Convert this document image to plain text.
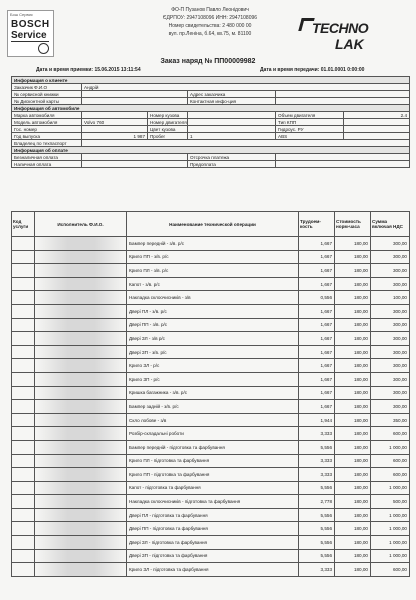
Бош Сервис
BOSCH
Service
ФО-П Пузанов Павло Леонідович
ЄДРПОУ: 2947108096 ИНН: 2947108096
Номер свидетельства: 2 480 000 00
вул. пр.Леніна, б.64, кв.75, м. 81100	TECHNO
LAK
Заказ наряд № ПП00009982
Дата и время приемки: 15.06.2015 13:11:54	Дата и время передачи: 01.01.0001 0:00:00
Информация о клиенте					
Заказчик Ф.И.О	Андрій				
№ сервисной книжки			Адрес заказчика		
№ Дисконтной карты			Контактная инфо-ция		
Информация об автомобиле					
Марка автомобиля		Номер кузова		Объем двигателя	2.4
Модель автомобиля	Volvo 760	Номер двигателя		Тип КПП	
Гос. номер		Цвет кузова		Гидроус. РУ	
Год выпуска	1 987	Пробег	1	ABS	
Владелец по техпаспорт					
Информация об оплате					
Безналичная оплата			Отсрочка платежа		
Наличная оплата			Предоплата		
Код услуги	Исполнитель Ф.И.О.	Наименование технической операции	Трудоем-кость	Стоимость норм-часа	Сумма включая НДС
		Бампер передній - з/в. р/с	1,667	180,00	300,00
		Крило ПП - з/в. р/с	1,667	180,00	300,00
		Крило ПЛ - з/в. р/с	1,667	180,00	300,00
		Капот - з/в. р/с	1,667	180,00	300,00
		Накладка склоочисників - з/в	0,556	180,00	100,00
		Двері ПЛ - з/в. р/с	1,667	180,00	300,00
		Двері ПП - з/в. р/с	1,667	180,00	300,00
		Двері ЗЛ - з/в р/с	1,667	180,00	300,00
		Двері ЗП - з/в. р/с	1,667	180,00	300,00
		Крило ЗЛ - р/с	1,667	180,00	300,00
		Крило ЗП - р/с	1,667	180,00	300,00
		Кришка багажника - з/в. р/с	1,667	180,00	300,00
		Бампер задній - з/в. р/с	1,667	180,00	300,00
		Скло лобове - з/в	1,944	180,00	350,00
		Розбір-складальні роботи	3,333	180,00	600,00
		Бампер передній - підготовка та фарбування	5,556	180,00	1 000,00
		Крило ПЛ - підготовка та фарбування	3,333	180,00	600,00
		Крило ПП - підготовка та фарбування	3,333	180,00	600,00
		Капот - підготовка та фарбування	5,556	180,00	1 000,00
		Накладка склоочисників - підготовка та фарбування	2,778	180,00	500,00
		Двері ПЛ - підготовка та фарбування	5,556	180,00	1 000,00
		Двері ПП - підготовка та фарбування	5,556	180,00	1 000,00
		Двері ЗЛ - підготовка та фарбування	5,556	180,00	1 000,00
		Двері ЗП - підготовка та фарбування	5,556	180,00	1 000,00
		Крило ЗЛ - підготовка та фарбування	3,333	180,00	600,00
